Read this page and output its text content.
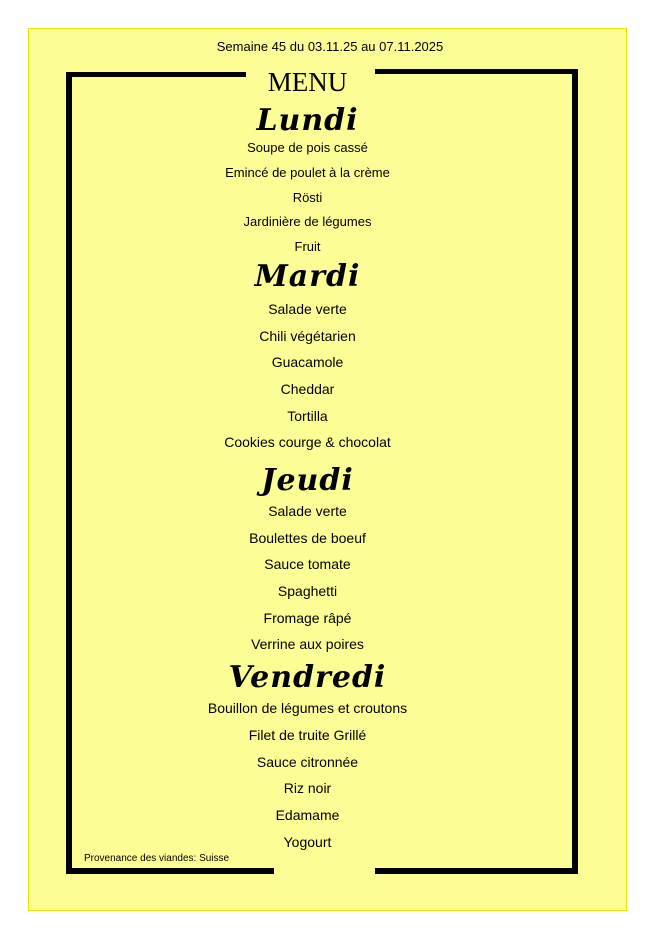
Semaine 45 du 03.11.25 au 07.11.2025
MENU
Lundi
Soupe de pois cassé
Emincé de poulet à la crème
Rösti
Jardinière de légumes
Fruit
Mardi
Salade verte
Chili végétarien
Guacamole
Cheddar
Tortilla
Cookies courge & chocolat
Jeudi
Salade verte
Boulettes de boeuf
Sauce tomate
Spaghetti
Fromage râpé
Verrine aux poires
Vendredi
Bouillon de légumes et croutons
Filet de truite Grillé
Sauce citronnée
Riz noir
Edamame
Yogourt
Provenance des viandes: Suisse
